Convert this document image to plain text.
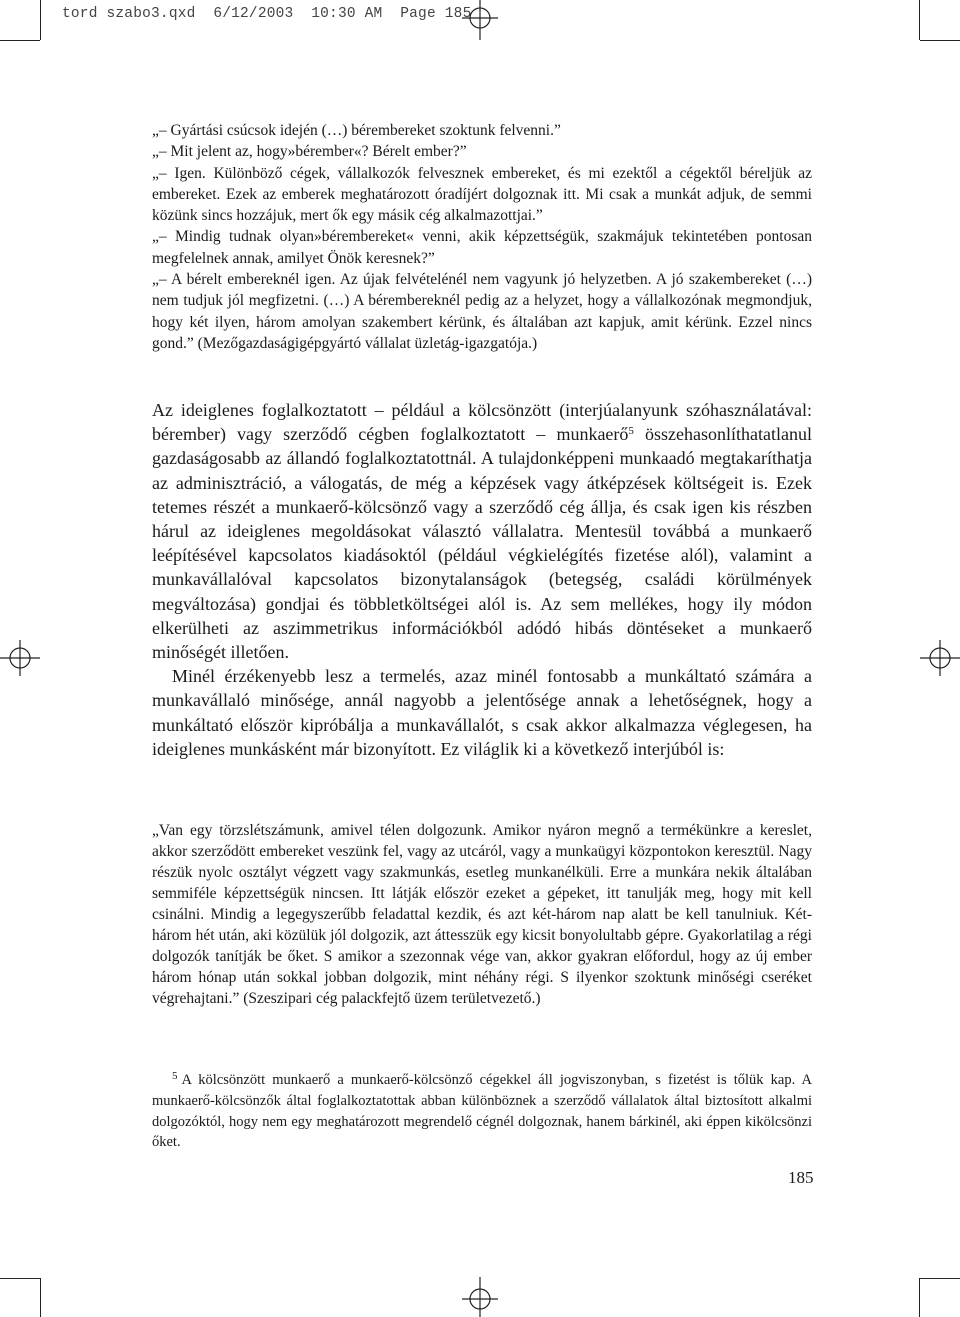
tord szabo3.qxd  6/12/2003  10:30 AM  Page 185

„– Gyártási csúcsok idején (…) bérembereket szoktunk felvenni.”

„– Mit jelent az, hogy»bérember«? Bérelt ember?”

„– Igen. Különböző cégek, vállalkozók felvesznek embereket, és mi ezektől a cégektől béreljük az embereket. Ezek az emberek meghatározott óradíjért dolgoznak itt. Mi csak a munkát adjuk, de semmi közünk sincs hozzájuk, mert ők egy másik cég alkalmazottjai.”

„– Mindig tudnak olyan»bérembereket« venni, akik képzettségük, szakmájuk tekintetében pontosan megfelelnek annak, amilyet Önök keresnek?”

„– A bérelt embereknél igen. Az újak felvételénél nem vagyunk jó helyzetben. A jó szakembereket (…) nem tudjuk jól megfizetni. (…) A bérembereknél pedig az a helyzet, hogy a vállalkozónak megmondjuk, hogy két ilyen, három amolyan szakembert kérünk, és általában azt kapjuk, amit kérünk. Ezzel nincs gond.” (Mezőgazdaságigépgyártó vállalat üzletág-igazgatója.)

Az ideiglenes foglalkoztatott – például a kölcsönzött (interjúalanyunk szóhasználatával: bérember) vagy szerződő cégben foglalkoztatott – munkaerő$^5$ összehasonlíthatatlanul gazdaságosabb az állandó foglalkoztatottnál. A tulajdonképpeni munkaadó megtakaríthatja az adminisztráció, a válogatás, de még a képzések vagy átképzések költségeit is. Ezek tetemes részét a munkaerő-kölcsönző vagy a szerződő cég állja, és csak igen kis részben hárul az ideiglenes megoldásokat választó vállalatra. Mentesül továbbá a munkaerő leépítésével kapcsolatos kiadásoktól (például végkielégítés fizetése alól), valamint a munkavállalóval kapcsolatos bizonytalanságok (betegség, családi körülmények megváltozása) gondjai és többletköltségei alól is. Az sem mellékes, hogy ily módon elkerülheti az aszimmetrikus információkból adódó hibás döntéseket a munkaerő minőségét illetően.

Minél érzékenyebb lesz a termelés, azaz minél fontosabb a munkáltató számára a munkavállaló minősége, annál nagyobb a jelentősége annak a lehetőségnek, hogy a munkáltató először kipróbálja a munkavállalót, s csak akkor alkalmazza véglegesen, ha ideiglenes munkásként már bizonyított. Ez világlik ki a következő interjúból is:

„Van egy törzslétszámunk, amivel télen dolgozunk. Amikor nyáron megnő a termékünkre a kereslet, akkor szerződött embereket veszünk fel, vagy az utcáról, vagy a munkaügyi központokon keresztül. Nagy részük nyolc osztályt végzett vagy szakmunkás, esetleg munkanélküli. Erre a munkára nekik általában semmiféle képzettségük nincsen. Itt látják először ezeket a gépeket, itt tanulják meg, hogy mit kell csinálni. Mindig a legegyszerűbb feladattal kezdik, és azt két-három nap alatt be kell tanulniuk. Két-három hét után, aki közülük jól dolgozik, azt áttesszük egy kicsit bonyolultabb gépre. Gyakorlatilag a régi dolgozók tanítják be őket. S amikor a szezonnak vége van, akkor gyakran előfordul, hogy az új ember három hónap után sokkal jobban dolgozik, mint néhány régi. S ilyenkor szoktunk minőségi cseréket végrehajtani.” (Szeszipari cég palackfejtő üzem területvezető.)

$^5$ A kölcsönzött munkaerő a munkaerő-kölcsönző cégekkel áll jogviszonyban, s fizetést is tőlük kap. A munkaerő-kölcsönzők által foglalkoztatottak abban különböznek a szerződő vállalatok által biztosított alkalmi dolgozóktól, hogy nem egy meghatározott megrendelő cégnél dolgoznak, hanem bárkinél, aki éppen kikölcsönzi őket.

185
